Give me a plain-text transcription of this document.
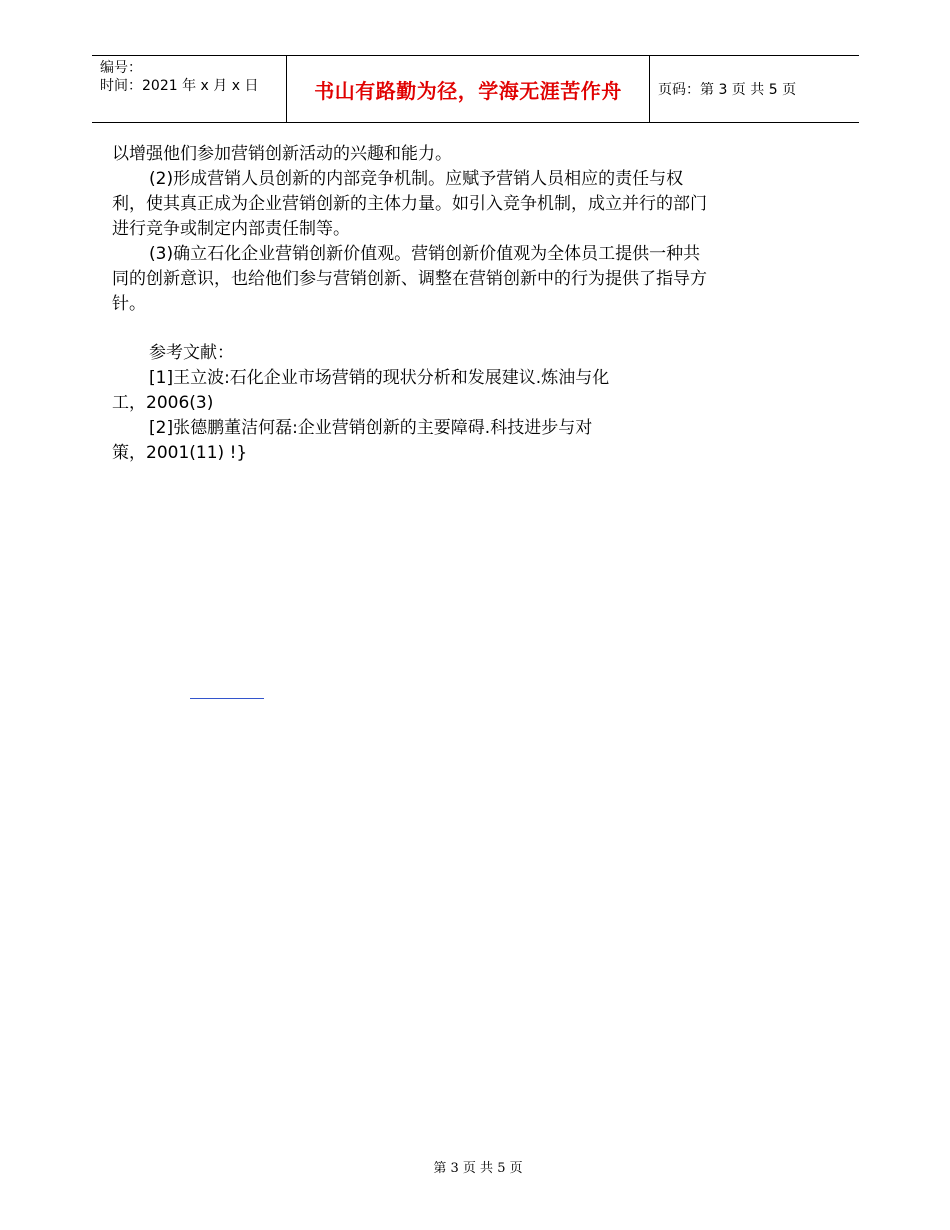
编号：
时间：2021 年 x 月 x 日	书山有路勤为径，学海无涯苦作舟	页码：第 3 页 共 5 页

以增强他们参加营销创新活动的兴趣和能力。

(2)形成营销人员创新的内部竞争机制。应赋予营销人员相应的责任与权

利，使其真正成为企业营销创新的主体力量。如引入竞争机制，成立并行的部门

进行竞争或制定内部责任制等。

(3)确立石化企业营销创新价值观。营销创新价值观为全体员工提供一种共

同的创新意识，也给他们参与营销创新、调整在营销创新中的行为提供了指导方

针。

参考文献：

[1]王立波:石化企业市场营销的现状分析和发展建议.炼油与化

工，2006(3)

[2]张德鹏董洁何磊:企业营销创新的主要障碍.科技进步与对

策，2001(11) !}

第 3 页 共 5 页
